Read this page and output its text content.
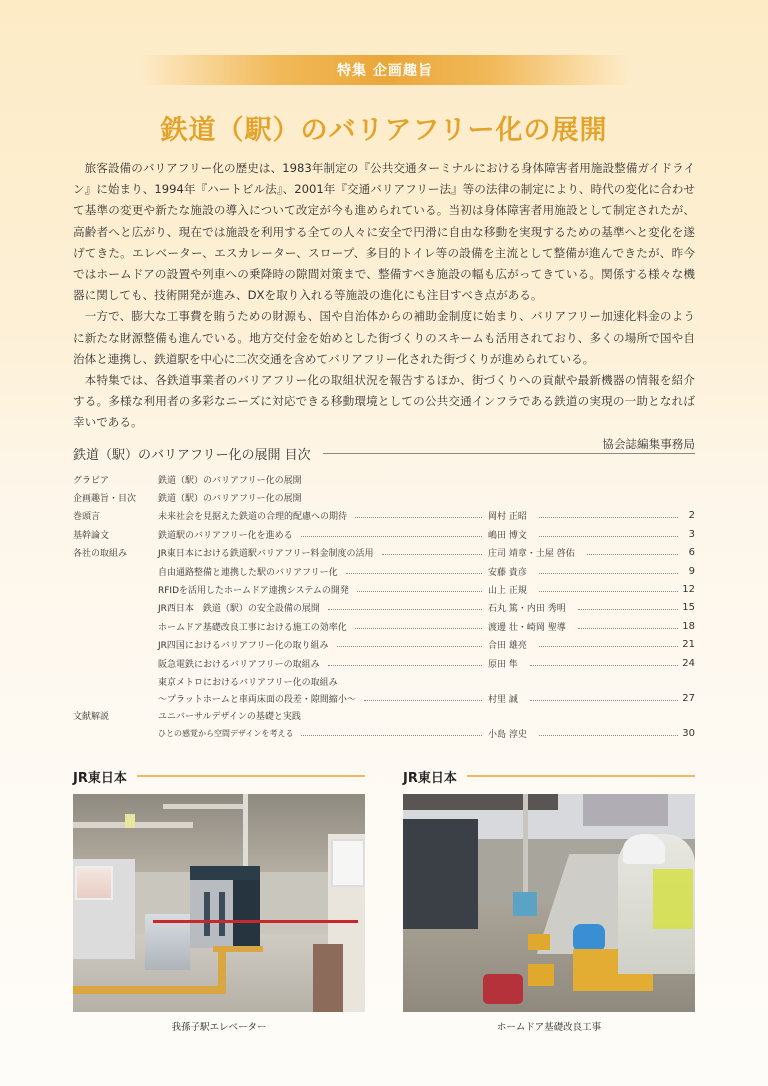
特集 企画趣旨
鉄道（駅）のバリアフリー化の展開

旅客設備のバリアフリー化の歴史は、1983年制定の『公共交通ターミナルにおける身体障害者用施設整備ガイドライン』に始まり、1994年『ハートビル法』、2001年『交通バリアフリー法』等の法律の制定により、時代の変化に合わせて基準の変更や新たな施設の導入について改定が今も進められている。当初は身体障害者用施設として制定されたが、高齢者へと広がり、現在では施設を利用する全ての人々に安全で円滑に自由な移動を実現するための基準へと変化を遂げてきた。エレベーター、エスカレーター、スロープ、多目的トイレ等の設備を主流として整備が進んできたが、昨今ではホームドアの設置や列車への乗降時の隙間対策まで、整備すべき施設の幅も広がってきている。関係する様々な機器に関しても、技術開発が進み、DXを取り入れる等施設の進化にも注目すべき点がある。

一方で、膨大な工事費を賄うための財源も、国や自治体からの補助金制度に始まり、バリアフリー加速化料金のように新たな財源整備も進んでいる。地方交付金を始めとした街づくりのスキームも活用されており、多くの場所で国や自治体と連携し、鉄道駅を中心に二次交通を含めてバリアフリー化された街づくりが進められている。

本特集では、各鉄道事業者のバリアフリー化の取組状況を報告するほか、街づくりへの貢献や最新機器の情報を紹介する。多様な利用者の多彩なニーズに対応できる移動環境としての公共交通インフラである鉄道の実現の一助となれば幸いである。

協会誌編集事務局
鉄道（駅）のバリアフリー化の展開 目次
グラビア	鉄道（駅）のバリアフリー化の展開
企画趣旨・目次	鉄道（駅）のバリアフリー化の展開
巻頭言	未来社会を見据えた鉄道の合理的配慮への期待	岡村 正昭	2
基幹論文	鉄道駅のバリアフリー化を進める	嶋田 博文	3
各社の取組み	JR東日本における鉄道駅バリアフリー料金制度の活用	庄司 靖章・土屋 啓佑	6
自由通路整備と連携した駅のバリアフリー化	安藤 貴彦	9
RFIDを活用したホームドア連携システムの開発	山上 正規	12
JR西日本　鉄道（駅）の安全設備の展開	石丸 篤・内田 秀明	15
ホームドア基礎改良工事における施工の効率化	渡邊 壮・崎岡 聖導	18
JR四国におけるバリアフリー化の取り組み	合田 雄亮	21
阪急電鉄におけるバリアフリーの取組み	原田 隼	24
東京メトロにおけるバリアフリー化の取組み
～プラットホームと車両床面の段差・隙間縮小～	村里 誠	27
文献解説	ユニバーサルデザインの基礎と実践
ひとの感覚から空間デザインを考える	小島 淳史	30
JR東日本
我孫子駅エレベーター
JR東日本
ホームドア基礎改良工事
